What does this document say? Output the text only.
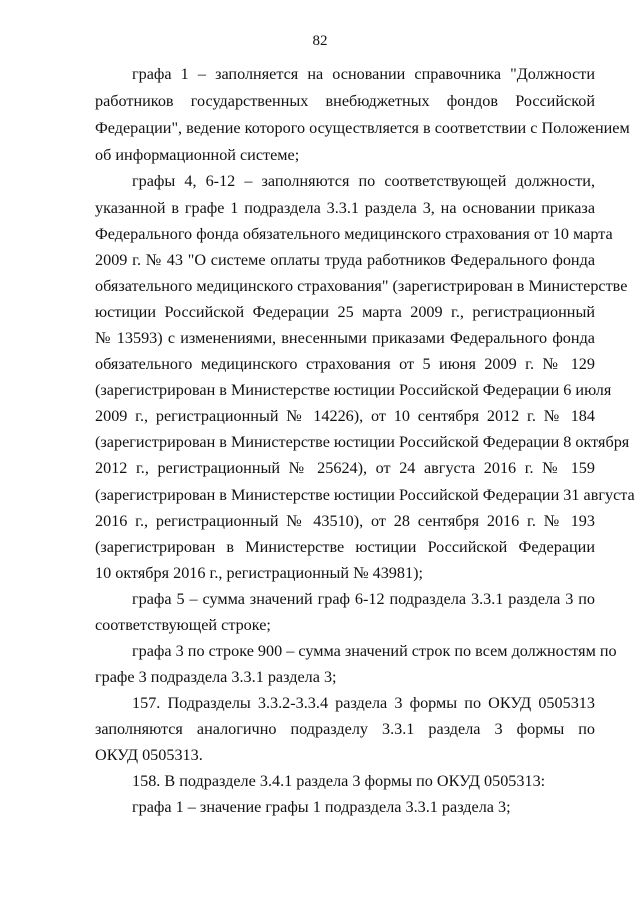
82
графа 1 – заполняется на основании справочника "Должности
работников государственных внебюджетных фондов Российской
Федерации", ведение которого осуществляется в соответствии с Положением
об информационной системе;
графы 4, 6-12 – заполняются по соответствующей должности,
указанной в графе 1 подраздела 3.3.1 раздела 3, на основании приказа
Федерального фонда обязательного медицинского страхования от 10 марта
2009 г. № 43 "О системе оплаты труда работников Федерального фонда
обязательного медицинского страхования" (зарегистрирован в Министерстве
юстиции Российской Федерации 25 марта 2009 г., регистрационный
№ 13593) с изменениями, внесенными приказами Федерального фонда
обязательного медицинского страхования от 5 июня 2009 г. № 129
(зарегистрирован в Министерстве юстиции Российской Федерации 6 июля
2009 г., регистрационный № 14226), от 10 сентября 2012 г. № 184
(зарегистрирован в Министерстве юстиции Российской Федерации 8 октября
2012 г., регистрационный № 25624), от 24 августа 2016 г. № 159
(зарегистрирован в Министерстве юстиции Российской Федерации 31 августа
2016 г., регистрационный № 43510), от 28 сентября 2016 г. № 193
(зарегистрирован в Министерстве юстиции Российской Федерации
10 октября 2016 г., регистрационный № 43981);
графа 5 – сумма значений граф 6-12 подраздела 3.3.1 раздела 3 по
соответствующей строке;
графа 3 по строке 900 – сумма значений строк по всем должностям по
графе 3 подраздела 3.3.1 раздела 3;
157. Подразделы 3.3.2-3.3.4 раздела 3 формы по ОКУД 0505313
заполняются аналогично подразделу 3.3.1 раздела 3 формы по
ОКУД 0505313.
158. В подразделе 3.4.1 раздела 3 формы по ОКУД 0505313:
графа 1 – значение графы 1 подраздела 3.3.1 раздела 3;
